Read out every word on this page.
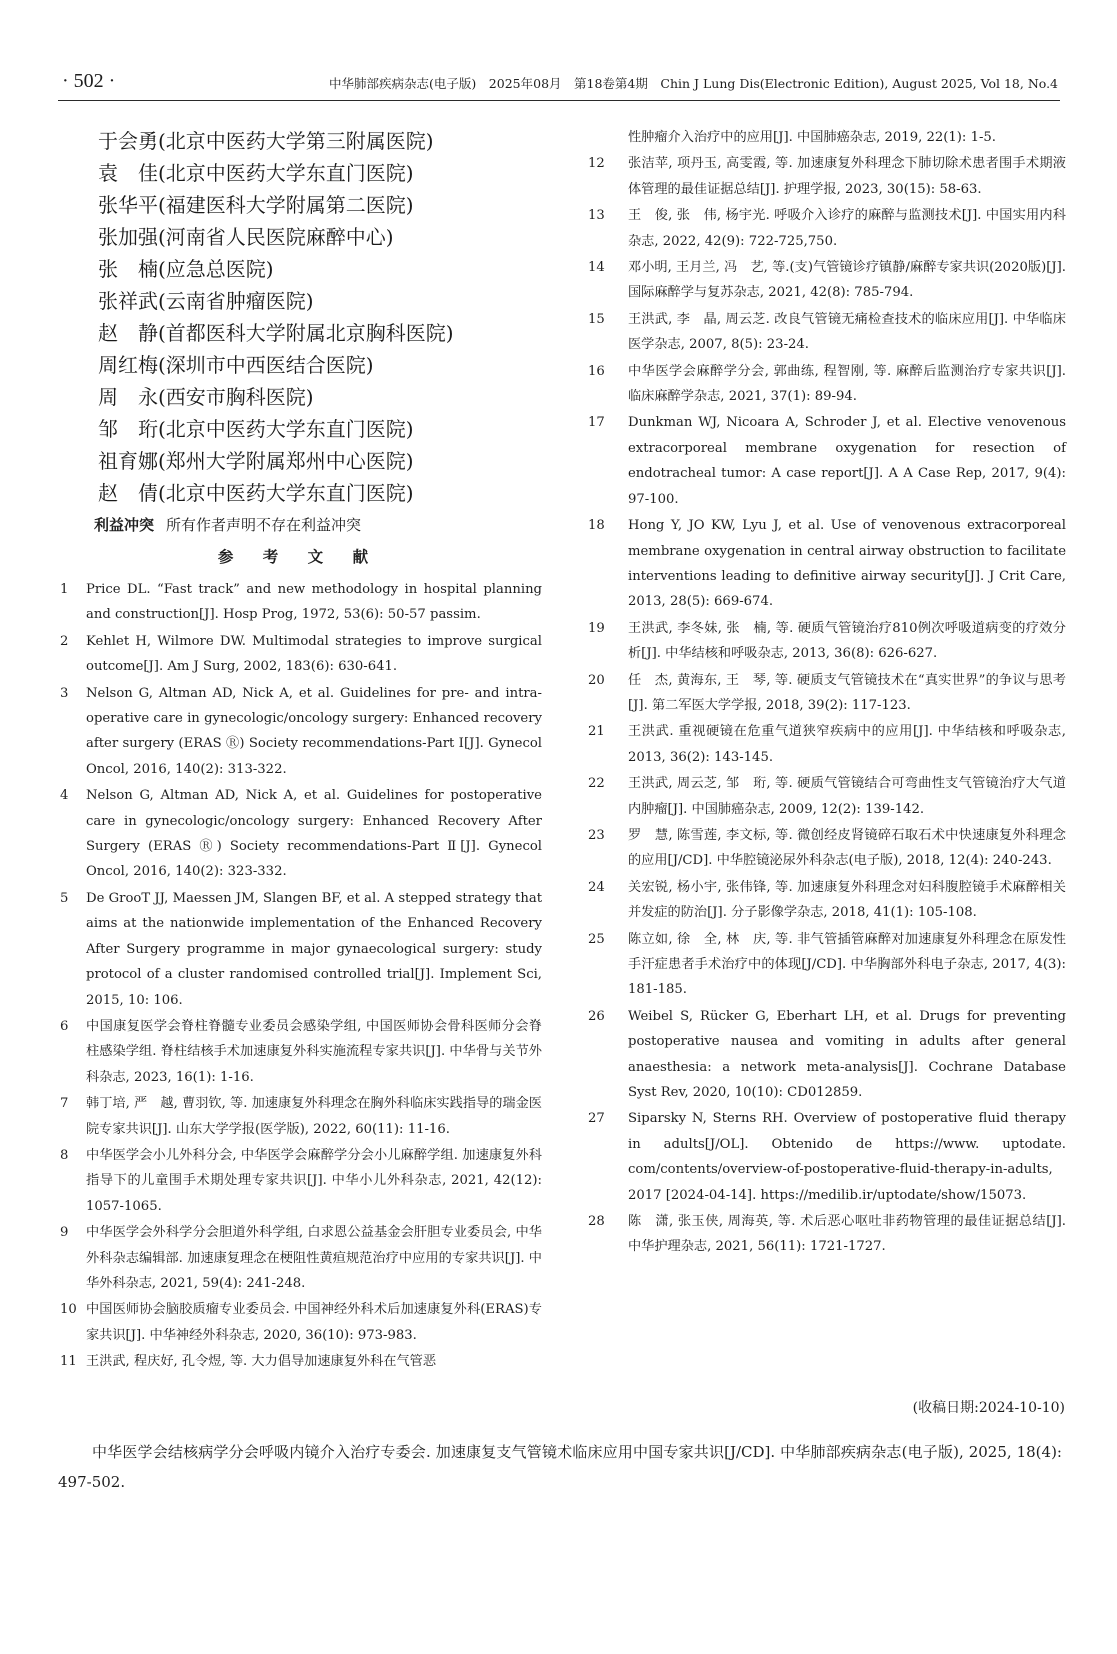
· 502 ·	中华肺部疾病杂志(电子版)　2025年08月　第18卷第4期　Chin J Lung Dis(Electronic Edition), August 2025, Vol 18, No.4
于会勇(北京中医药大学第三附属医院)
袁　佳(北京中医药大学东直门医院)
张华平(福建医科大学附属第二医院)
张加强(河南省人民医院麻醉中心)
张　楠(应急总医院)
张祥武(云南省肿瘤医院)
赵　静(首都医科大学附属北京胸科医院)
周红梅(深圳市中西医结合医院)
周　永(西安市胸科医院)
邹　珩(北京中医药大学东直门医院)
祖育娜(郑州大学附属郑州中心医院)
赵　倩(北京中医药大学东直门医院)
利益冲突 所有作者声明不存在利益冲突
参 考 文 献
1	Price DL. “Fast track” and new methodology in hospital planning and construction[J]. Hosp Prog, 1972, 53(6): 50-57 passim.
2	Kehlet H, Wilmore DW. Multimodal strategies to improve surgical outcome[J]. Am J Surg, 2002, 183(6): 630-641.
3	Nelson G, Altman AD, Nick A, et al. Guidelines for pre- and intra-operative care in gynecologic/oncology surgery: Enhanced recovery after surgery (ERAS Ⓡ) Society recommendations-Part Ⅰ[J]. Gynecol Oncol, 2016, 140(2): 313-322.
4	Nelson G, Altman AD, Nick A, et al. Guidelines for postoperative care in gynecologic/oncology surgery: Enhanced Recovery After Surgery (ERAS Ⓡ) Society recommendations-Part Ⅱ[J]. Gynecol Oncol, 2016, 140(2): 323-332.
5	De GrooT JJ, Maessen JM, Slangen BF, et al. A stepped strategy that aims at the nationwide implementation of the Enhanced Recovery After Surgery programme in major gynaecological surgery: study protocol of a cluster randomised controlled trial[J]. Implement Sci, 2015, 10: 106.
6	中国康复医学会脊柱脊髓专业委员会感染学组, 中国医师协会骨科医师分会脊柱感染学组. 脊柱结核手术加速康复外科实施流程专家共识[J]. 中华骨与关节外科杂志, 2023, 16(1): 1-16.
7	韩丁培, 严　越, 曹羽钦, 等. 加速康复外科理念在胸外科临床实践指导的瑞金医院专家共识[J]. 山东大学学报(医学版), 2022, 60(11): 11-16.
8	中华医学会小儿外科分会, 中华医学会麻醉学分会小儿麻醉学组. 加速康复外科指导下的儿童围手术期处理专家共识[J]. 中华小儿外科杂志, 2021, 42(12): 1057-1065.
9	中华医学会外科学分会胆道外科学组, 白求恩公益基金会肝胆专业委员会, 中华外科杂志编辑部. 加速康复理念在梗阻性黄疸规范治疗中应用的专家共识[J]. 中华外科杂志, 2021, 59(4): 241-248.
10 中国医师协会脑胶质瘤专业委员会. 中国神经外科术后加速康复外科(ERAS)专家共识[J]. 中华神经外科杂志, 2020, 36(10): 973-983.
11 王洪武, 程庆好, 孔令煜, 等. 大力倡导加速康复外科在气管恶
性肿瘤介入治疗中的应用[J]. 中国肺癌杂志, 2019, 22(1): 1-5.
12	张洁苹, 项丹玉, 高雯霞, 等. 加速康复外科理念下肺切除术患者围手术期液体管理的最佳证据总结[J]. 护理学报, 2023, 30(15): 58-63.
13	王　俊, 张　伟, 杨宇光. 呼吸介入诊疗的麻醉与监测技术[J]. 中国实用内科杂志, 2022, 42(9): 722-725,750.
14	邓小明, 王月兰, 冯　艺, 等.(支)气管镜诊疗镇静/麻醉专家共识(2020版)[J]. 国际麻醉学与复苏杂志, 2021, 42(8): 785-794.
15	王洪武, 李　晶, 周云芝. 改良气管镜无痛检查技术的临床应用[J]. 中华临床医学杂志, 2007, 8(5): 23-24.
16	中华医学会麻醉学分会, 郭曲练, 程智刚, 等. 麻醉后监测治疗专家共识[J]. 临床麻醉学杂志, 2021, 37(1): 89-94.
17	Dunkman WJ, Nicoara A, Schroder J, et al. Elective venovenous extracorporeal membrane oxygenation for resection of endotracheal tumor: A case report[J]. A A Case Rep, 2017, 9(4): 97-100.
18	Hong Y, JO KW, Lyu J, et al. Use of venovenous extracorporeal membrane oxygenation in central airway obstruction to facilitate interventions leading to definitive airway security[J]. J Crit Care, 2013, 28(5): 669-674.
19	王洪武, 李冬妹, 张　楠, 等. 硬质气管镜治疗810例次呼吸道病变的疗效分析[J]. 中华结核和呼吸杂志, 2013, 36(8): 626-627.
20	任　杰, 黄海东, 王　琴, 等. 硬质支气管镜技术在“真实世界”的争议与思考[J]. 第二军医大学学报, 2018, 39(2): 117-123.
21	王洪武. 重视硬镜在危重气道狭窄疾病中的应用[J]. 中华结核和呼吸杂志, 2013, 36(2): 143-145.
22	王洪武, 周云芝, 邹　珩, 等. 硬质气管镜结合可弯曲性支气管镜治疗大气道内肿瘤[J]. 中国肺癌杂志, 2009, 12(2): 139-142.
23	罗　慧, 陈雪莲, 李文标, 等. 微创经皮肾镜碎石取石术中快速康复外科理念的应用[J/CD]. 中华腔镜泌尿外科杂志(电子版), 2018, 12(4): 240-243.
24	关宏锐, 杨小宇, 张伟锋, 等. 加速康复外科理念对妇科腹腔镜手术麻醉相关并发症的防治[J]. 分子影像学杂志, 2018, 41(1): 105-108.
25	陈立如, 徐　全, 林　庆, 等. 非气管插管麻醉对加速康复外科理念在原发性手汗症患者手术治疗中的体现[J/CD]. 中华胸部外科电子杂志, 2017, 4(3): 181-185.
26	Weibel S, Rücker G, Eberhart LH, et al. Drugs for preventing postoperative nausea and vomiting in adults after general anaesthesia: a network meta-analysis[J]. Cochrane Database Syst Rev, 2020, 10(10): CD012859.
27	Siparsky N, Sterns RH. Overview of postoperative fluid therapy in adults[J/OL]. Obtenido de https://www. uptodate. com/contents/overview-of-postoperative-fluid-therapy-in-adults, 2017 [2024-04-14]. https://medilib.ir/uptodate/show/15073.
28	陈　潇, 张玉侠, 周海英, 等. 术后恶心呕吐非药物管理的最佳证据总结[J]. 中华护理杂志, 2021, 56(11): 1721-1727.
(收稿日期:2024-10-10)
中华医学会结核病学分会呼吸内镜介入治疗专委会. 加速康复支气管镜术临床应用中国专家共识[J/CD]. 中华肺部疾病杂志(电子版), 2025, 18(4): 497-502.
